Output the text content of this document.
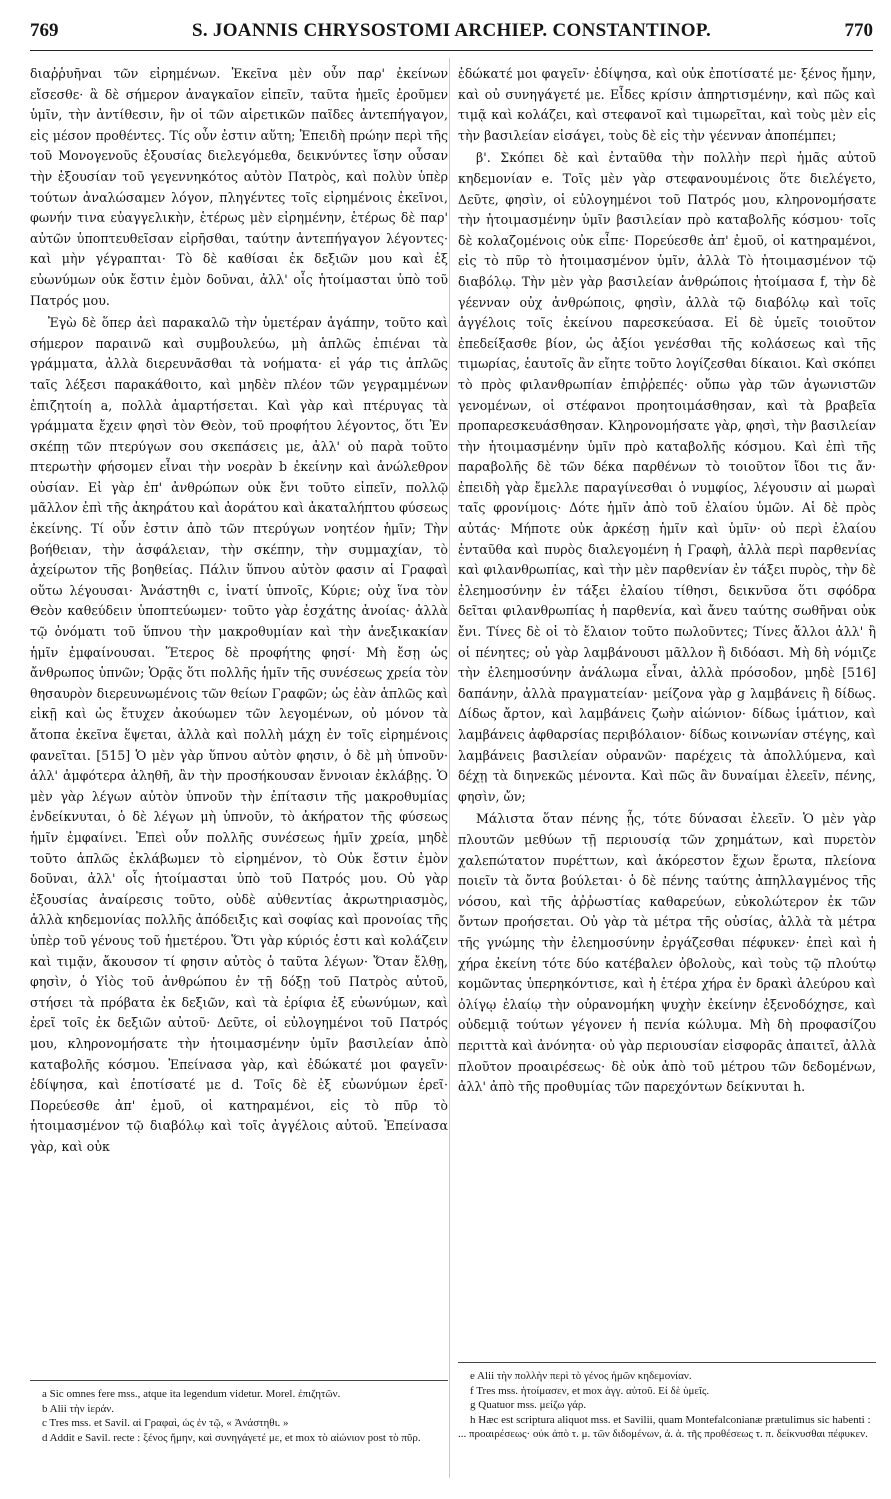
769	S. JOANNIS CHRYSOSTOMI ARCHIEP. CONSTANTINOP.	770

διαῤῥυῆναι τῶν εἰρημένων. Ἐκεῖνα μὲν οὖν παρ' ἐκείνων εἴσεσθε· ἃ δὲ σήμερον ἀναγκαῖον εἰπεῖν, ταῦτα ἡμεῖς ἐροῦμεν ὑμῖν, τὴν ἀντίθεσιν, ἣν οἱ τῶν αἱρετικῶν παῖδες ἀντεπήγαγον, εἰς μέσον προθέντες. Τίς οὖν ἐστιν αὕτη; Ἐπειδὴ πρώην περὶ τῆς τοῦ Μονογενοῦς ἐξουσίας διελεγόμεθα, δεικνύντες ἴσην οὖσαν τὴν ἐξουσίαν τοῦ γεγεννηκότος αὐτὸν Πατρὸς, καὶ πολὺν ὑπὲρ τούτων ἀναλώσαμεν λόγον, πληγέντες τοῖς εἰρημένοις ἐκεῖνοι, φωνήν τινα εὐαγγελικὴν, ἑτέρως μὲν εἰρημένην, ἑτέρως δὲ παρ' αὐτῶν ὑποπτευθεῖσαν εἰρῆσθαι, ταύτην ἀντεπήγαγον λέγοντες· καὶ μὴν γέγραπται· Τὸ δὲ καθίσαι ἐκ δεξιῶν μου καὶ ἐξ εὐωνύμων οὐκ ἔστιν ἐμὸν δοῦναι, ἀλλ' οἷς ἡτοίμασται ὑπὸ τοῦ Πατρός μου.

Ἐγὼ δὲ ὅπερ ἀεὶ παρακαλῶ τὴν ὑμετέραν ἀγάπην, τοῦτο καὶ σήμερον παραινῶ καὶ συμβουλεύω, μὴ ἁπλῶς ἐπιέναι τὰ γράμματα, ἀλλὰ διερευνᾶσθαι τὰ νοήματα· εἰ γάρ τις ἁπλῶς ταῖς λέξεσι παρακάθοιτο, καὶ μηδὲν πλέον τῶν γεγραμμένων ἐπιζητοίη a, πολλὰ ἁμαρτήσεται. Καὶ γὰρ καὶ πτέρυγας τὰ γράμματα ἔχειν φησὶ τὸν Θεὸν, τοῦ προφήτου λέγοντος, ὅτι Ἐν σκέπῃ τῶν πτερύγων σου σκεπάσεις με, ἀλλ' οὐ παρὰ τοῦτο πτερωτὴν φήσομεν εἶναι τὴν νοερὰν b ἐκείνην καὶ ἀνώλεθρον οὐσίαν. Εἰ γὰρ ἐπ' ἀνθρώπων οὐκ ἔνι τοῦτο εἰπεῖν, πολλῷ μᾶλλον ἐπὶ τῆς ἀκηράτου καὶ ἀοράτου καὶ ἀκαταλήπτου φύσεως ἐκείνης. Τί οὖν ἐστιν ἀπὸ τῶν πτερύγων νοητέον ἡμῖν; Τὴν βοήθειαν, τὴν ἀσφάλειαν, τὴν σκέπην, τὴν συμμαχίαν, τὸ ἀχείρωτον τῆς βοηθείας. Πάλιν ὕπνου αὐτὸν φασιν αἱ Γραφαὶ οὕτω λέγουσαι· Ἀνάστηθι c, ἱνατί ὑπνοῖς, Κύριε; οὐχ ἵνα τὸν Θεὸν καθεύδειν ὑποπτεύωμεν· τοῦτο γὰρ ἐσχάτης ἀνοίας· ἀλλὰ τῷ ὀνόματι τοῦ ὕπνου τὴν μακροθυμίαν καὶ τὴν ἀνεξικακίαν ἡμῖν ἐμφαίνουσαι. Ἕτερος δὲ προφήτης φησί· Μὴ ἔσῃ ὡς ἄνθρωπος ὑπνῶν; Ὁρᾷς ὅτι πολλῆς ἡμῖν τῆς συνέσεως χρεία τὸν θησαυρὸν διερευνωμένοις τῶν θείων Γραφῶν; ὡς ἐὰν ἁπλῶς καὶ εἰκῇ καὶ ὡς ἔτυχεν ἀκούωμεν τῶν λεγομένων, οὐ μόνον τὰ ἄτοπα ἐκεῖνα ἕψεται, ἀλλὰ καὶ πολλὴ μάχη ἐν τοῖς εἰρημένοις φανεῖται. [515] Ὁ μὲν γὰρ ὕπνου αὐτὸν φησιν, ὁ δὲ μὴ ὑπνοῦν· ἀλλ' ἀμφότερα ἀληθῆ, ἂν τὴν προσήκουσαν ἔννοιαν ἐκλάβῃς. Ὁ μὲν γὰρ λέγων αὐτὸν ὑπνοῦν τὴν ἐπίτασιν τῆς μακροθυμίας ἐνδείκνυται, ὁ δὲ λέγων μὴ ὑπνοῦν, τὸ ἀκήρατον τῆς φύσεως ἡμῖν ἐμφαίνει. Ἐπεὶ οὖν πολλῆς συνέσεως ἡμῖν χρεία, μηδὲ τοῦτο ἁπλῶς ἐκλάβωμεν τὸ εἰρημένον, τὸ Οὐκ ἔστιν ἐμὸν δοῦναι, ἀλλ' οἷς ἡτοίμασται ὑπὸ τοῦ Πατρός μου. Οὐ γὰρ ἐξουσίας ἀναίρεσις τοῦτο, οὐδὲ αὐθεντίας ἀκρωτηριασμὸς, ἀλλὰ κηδεμονίας πολλῆς ἀπόδειξις καὶ σοφίας καὶ προνοίας τῆς ὑπὲρ τοῦ γένους τοῦ ἡμετέρου. Ὅτι γὰρ κύριός ἐστι καὶ κολάζειν καὶ τιμᾷν, ἄκουσον τί φησιν αὐτὸς ὁ ταῦτα λέγων· Ὅταν ἔλθῃ, φησὶν, ὁ Υἱὸς τοῦ ἀνθρώπου ἐν τῇ δόξῃ τοῦ Πατρὸς αὐτοῦ, στήσει τὰ πρόβατα ἐκ δεξιῶν, καὶ τὰ ἐρίφια ἐξ εὐωνύμων, καὶ ἐρεῖ τοῖς ἐκ δεξιῶν αὐτοῦ· Δεῦτε, οἱ εὐλογημένοι τοῦ Πατρός μου, κληρονομήσατε τὴν ἡτοιμασμένην ὑμῖν βασιλείαν ἀπὸ καταβολῆς κόσμου. Ἐπείνασα γὰρ, καὶ ἐδώκατέ μοι φαγεῖν· ἐδίψησα, καὶ ἐποτίσατέ με d. Τοῖς δὲ ἐξ εὐωνύμων ἐρεῖ· Πορεύεσθε ἀπ' ἐμοῦ, οἱ κατηραμένοι, εἰς τὸ πῦρ τὸ ἡτοιμασμένον τῷ διαβόλῳ καὶ τοῖς ἀγγέλοις αὐτοῦ. Ἐπείνασα γὰρ, καὶ οὐκ

ἐδώκατέ μοι φαγεῖν· ἐδίψησα, καὶ οὐκ ἐποτίσατέ με· ξένος ἤμην, καὶ οὐ συνηγάγετέ με. Εἶδες κρίσιν ἀπηρτισμένην, καὶ πῶς καὶ τιμᾷ καὶ κολάζει, καὶ στεφανοῖ καὶ τιμωρεῖται, καὶ τοὺς μὲν εἰς τὴν βασιλείαν εἰσάγει, τοὺς δὲ εἰς τὴν γέενναν ἀποπέμπει;

β'. Σκόπει δὲ καὶ ἐνταῦθα τὴν πολλὴν περὶ ἡμᾶς αὐτοῦ κηδεμονίαν e. Τοῖς μὲν γὰρ στεφανουμένοις ὅτε διελέγετο, Δεῦτε, φησὶν, οἱ εὐλογημένοι τοῦ Πατρός μου, κληρονομήσατε τὴν ἡτοιμασμένην ὑμῖν βασιλείαν πρὸ καταβολῆς κόσμου· τοῖς δὲ κολαζομένοις οὐκ εἶπε· Πορεύεσθε ἀπ' ἐμοῦ, οἱ κατηραμένοι, εἰς τὸ πῦρ τὸ ἡτοιμασμένον ὑμῖν, ἀλλὰ Τὸ ἡτοιμασμένον τῷ διαβόλῳ. Τὴν μὲν γὰρ βασιλείαν ἀνθρώποις ἡτοίμασα f, τὴν δὲ γέενναν οὐχ ἀνθρώποις, φησὶν, ἀλλὰ τῷ διαβόλῳ καὶ τοῖς ἀγγέλοις τοῖς ἐκείνου παρεσκεύασα. Εἰ δὲ ὑμεῖς τοιοῦτον ἐπεδείξασθε βίον, ὡς ἀξίοι γενέσθαι τῆς κολάσεως καὶ τῆς τιμωρίας, ἑαυτοῖς ἂν εἴητε τοῦτο λογίζεσθαι δίκαιοι. Καὶ σκόπει τὸ πρὸς φιλανθρωπίαν ἐπιῤῥεπές· οὔπω γὰρ τῶν ἀγωνιστῶν γενομένων, οἱ στέφανοι προητοιμάσθησαν, καὶ τὰ βραβεῖα προπαρεσκευάσθησαν. Κληρονομήσατε γὰρ, φησὶ, τὴν βασιλείαν τὴν ἡτοιμασμένην ὑμῖν πρὸ καταβολῆς κόσμου. Καὶ ἐπὶ τῆς παραβολῆς δὲ τῶν δέκα παρθένων τὸ τοιοῦτον ἴδοι τις ἄν· ἐπειδὴ γὰρ ἔμελλε παραγίνεσθαι ὁ νυμφίος, λέγουσιν αἱ μωραὶ ταῖς φρονίμοις· Δότε ἡμῖν ἀπὸ τοῦ ἐλαίου ὑμῶν. Αἱ δὲ πρὸς αὐτάς· Μήποτε οὐκ ἀρκέσῃ ἡμῖν καὶ ὑμῖν· οὐ περὶ ἐλαίου ἐνταῦθα καὶ πυρὸς διαλεγομένη ἡ Γραφὴ, ἀλλὰ περὶ παρθενίας καὶ φιλανθρωπίας, καὶ τὴν μὲν παρθενίαν ἐν τάξει πυρὸς, τὴν δὲ ἐλεημοσύνην ἐν τάξει ἐλαίου τίθησι, δεικνῦσα ὅτι σφόδρα δεῖται φιλανθρωπίας ἡ παρθενία, καὶ ἄνευ ταύτης σωθῆναι οὐκ ἔνι. Τίνες δὲ οἱ τὸ ἔλαιον τοῦτο πωλοῦντες; Τίνες ἄλλοι ἀλλ' ἢ οἱ πένητες; οὐ γὰρ λαμβάνουσι μᾶλλον ἢ διδόασι. Μὴ δὴ νόμιζε τὴν ἐλεημοσύνην ἀνάλωμα εἶναι, ἀλλὰ πρόσοδον, μηδὲ [516] δαπάνην, ἀλλὰ πραγματείαν· μείζονα γὰρ g λαμβάνεις ἢ δίδως. Δίδως ἄρτον, καὶ λαμβάνεις ζωὴν αἰώνιον· δίδως ἱμάτιον, καὶ λαμβάνεις ἀφθαρσίας περιβόλαιον· δίδως κοινωνίαν στέγης, καὶ λαμβάνεις βασιλείαν οὐρανῶν· παρέχεις τὰ ἀπολλύμενα, καὶ δέχῃ τὰ διηνεκῶς μένοντα. Καὶ πῶς ἂν δυναίμαι ἐλεεῖν, πένης, φησὶν, ὤν;

Μάλιστα ὅταν πένης ᾖς, τότε δύνασαι ἐλεεῖν. Ὁ μὲν γὰρ πλουτῶν μεθύων τῇ περιουσίᾳ τῶν χρημάτων, καὶ πυρετὸν χαλεπώτατον πυρέττων, καὶ ἀκόρεστον ἔχων ἔρωτα, πλείονα ποιεῖν τὰ ὄντα βούλεται· ὁ δὲ πένης ταύτης ἀπηλλαγμένος τῆς νόσου, καὶ τῆς ἀῤῥωστίας καθαρεύων, εὐκολώτερον ἐκ τῶν ὄντων προήσεται. Οὐ γὰρ τὰ μέτρα τῆς οὐσίας, ἀλλὰ τὰ μέτρα τῆς γνώμης τὴν ἐλεημοσύνην ἐργάζεσθαι πέφυκεν· ἐπεὶ καὶ ἡ χήρα ἐκείνη τότε δύο κατέβαλεν ὀβολοὺς, καὶ τοὺς τῷ πλούτῳ κομῶντας ὑπερηκόντισε, καὶ ἡ ἑτέρα χήρα ἐν δρακὶ ἀλεύρου καὶ ὀλίγῳ ἐλαίῳ τὴν οὐρανομήκη ψυχὴν ἐκείνην ἐξενοδόχησε, καὶ οὐδεμιᾷ τούτων γέγονεν ἡ πενία κώλυμα. Μὴ δὴ προφασίζου περιττὰ καὶ ἀνόνητα· οὐ γὰρ περιουσίαν εἰσφορᾶς ἀπαιτεῖ, ἀλλὰ πλοῦτον προαιρέσεως· δὲ οὐκ ἀπὸ τοῦ μέτρου τῶν δεδομένων, ἀλλ' ἀπὸ τῆς προθυμίας τῶν παρεχόντων δείκνυται h.

a Sic omnes fere mss., atque ita legendum videtur. Morel. ἐπιζητῶν.

b Alii τὴν ἱεράν.

c Tres mss. et Savil. αἱ Γραφαὶ, ὡς ἐν τῷ, « Ἀνάστηθι. »

d Addit e Savil. recte : ξένος ἤμην, καὶ συνηγάγετέ με, et mox τὸ αἰώνιον post τὸ πῦρ.

e Alii τὴν πολλὴν περὶ τὸ γένος ἡμῶν κηδεμονίαν.

f Tres mss. ἡτοίμασεν, et mox ἀγγ. αὐτοῦ. Εἰ δὲ ὑμεῖς.

g Quatuor mss. μείζω γάρ.

h Hæc est scriptura aliquot mss. et Savilii, quam Montefalconianæ prætulimus sic habenti : ... προαιρέσεως· οὐκ ἀπὸ τ. μ. τῶν διδομένων, ἀ. ἁ. τῆς προθέσεως τ. π. δείκνυσθαι πέφυκεν.
